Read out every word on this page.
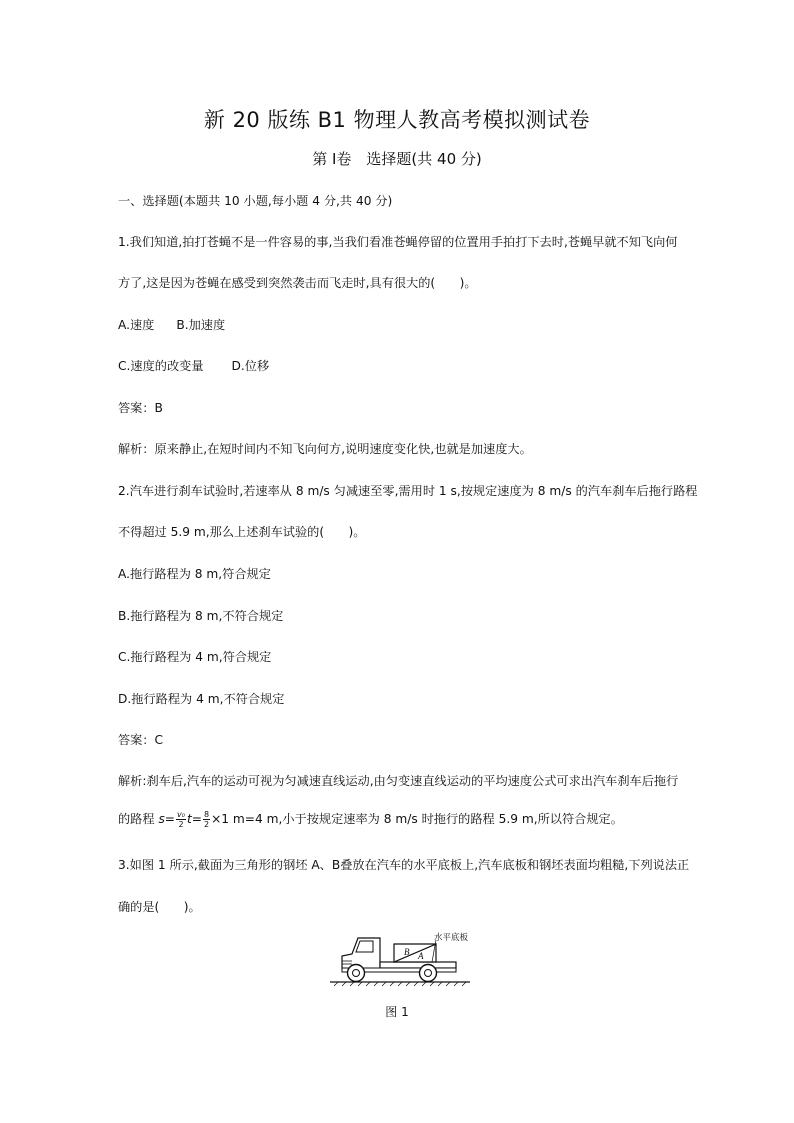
新 20 版练 B1 物理人教高考模拟测试卷
第 I卷　选择题(共 40 分)
一、选择题(本题共 10 小题,每小题 4 分,共 40 分)
1.我们知道,拍打苍蝇不是一件容易的事,当我们看准苍蝇停留的位置用手拍打下去时,苍蝇早就不知飞向何
方了,这是因为苍蝇在感受到突然袭击而飞走时,具有很大的(　　)。
A.速度 B.加速度
C.速度的改变量 D.位移
答案：B
解析：原来静止,在短时间内不知飞向何方,说明速度变化快,也就是加速度大。
2.汽车进行刹车试验时,若速率从 8 m/s 匀减速至零,需用时 1 s,按规定速度为 8 m/s 的汽车刹车后拖行路程
不得超过 5.9 m,那么上述刹车试验的(　　)。
A.拖行路程为 8 m,符合规定
B.拖行路程为 8 m,不符合规定
C.拖行路程为 4 m,符合规定
D.拖行路程为 4 m,不符合规定
答案：C
解析:刹车后,汽车的运动可视为匀减速直线运动,由匀变速直线运动的平均速度公式可求出汽车刹车后拖行
的路程 $s= \frac{\text{v₀}}{2} t= \frac{8}{2} \times 1$ m=4 m,小于按规定速率为 8 m/s 时拖行的路程 5.9 m,所以符合规定。
3.如图 1 所示,截面为三角形的钢坯 A、B叠放在汽车的水平底板上,汽车底板和钢坯表面均粗糙,下列说法正
确的是(　　)。
B A
水平底板
图 1
